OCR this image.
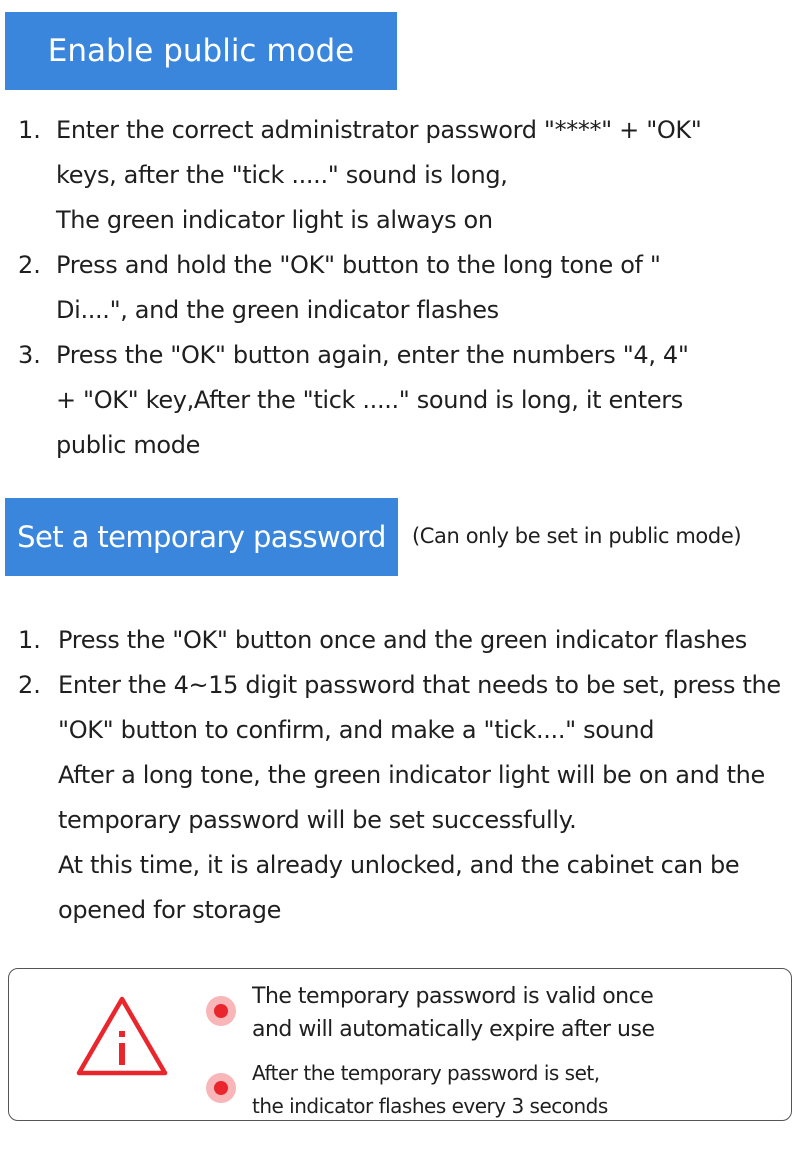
Enable public mode
1. Enter the correct administrator password "****" + "OK"
keys, after the "tick ....." sound is long,
The green indicator light is always on
2. Press and hold the "OK" button to the long tone of "
Di....", and the green indicator flashes
3. Press the "OK" button again, enter the numbers "4, 4"
+ "OK" key,After the "tick ....." sound is long, it enters
public mode
Set a temporary password	(Can only be set in public mode)
1. Press the "OK" button once and the green indicator flashes
2. Enter the 4~15 digit password that needs to be set, press the
"OK" button to confirm, and make a "tick...." sound
After a long tone, the green indicator light will be on and the
temporary password will be set successfully.
At this time, it is already unlocked, and the cabinet can be
opened for storage
The temporary password is valid once
and will automatically expire after use
After the temporary password is set,
the indicator flashes every 3 seconds
